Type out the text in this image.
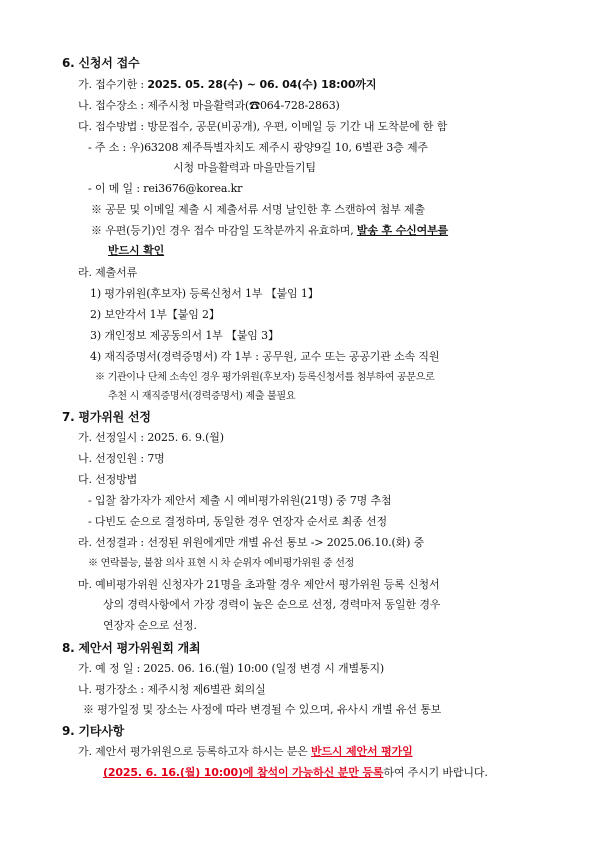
6. 신청서 접수
가. 접수기한 : 2025. 05. 28(수) ~ 06. 04(수) 18:00까지
나. 접수장소 : 제주시청 마을활력과(☎064-728-2863)
다. 접수방법 : 방문접수, 공문(비공개), 우편, 이메일 등 기간 내 도착분에 한 함
- 주 소 : 우)63208 제주특별자치도 제주시 광양9길 10, 6별관 3층 제주
시청 마을활력과 마을만들기팀
- 이 메 일 : rei3676@korea.kr
※ 공문 및 이메일 제출 시 제출서류 서명 날인한 후 스캔하여 첨부 제출
※ 우편(등기)인 경우 접수 마감일 도착분까지 유효하며, 발송 후 수신여부를
반드시 확인
라. 제출서류
1) 평가위원(후보자) 등록신청서 1부 【붙임 1】
2) 보안각서 1부【붙임 2】
3) 개인정보 제공동의서 1부 【붙임 3】
4) 재직증명서(경력증명서) 각 1부 : 공무원, 교수 또는 공공기관 소속 직원
※ 기관이나 단체 소속인 경우 평가위원(후보자) 등록신청서를 첨부하여 공문으로
추천 시 재직증명서(경력증명서) 제출 불필요
7. 평가위원 선정
가. 선정일시 : 2025. 6. 9.(월)
나. 선정인원 : 7명
다. 선정방법
- 입찰 참가자가 제안서 제출 시 예비평가위원(21명) 중 7명 추첨
- 다빈도 순으로 결정하며, 동일한 경우 연장자 순서로 최종 선정
라. 선정결과 : 선정된 위원에게만 개별 유선 통보 -> 2025.06.10.(화) 중
※ 연락불능, 불참 의사 표현 시 차 순위자 예비평가위원 중 선정
마. 예비평가위원 신청자가 21명을 초과할 경우 제안서 평가위원 등록 신청서
상의 경력사항에서 가장 경력이 높은 순으로 선정, 경력마저 동일한 경우
연장자 순으로 선정.
8. 제안서 평가위원회 개최
가. 예 정 일 : 2025. 06. 16.(월) 10:00 (일정 변경 시 개별통지)
나. 평가장소 : 제주시청 제6별관 회의실
※ 평가일정 및 장소는 사정에 따라 변경될 수 있으며, 유사시 개별 유선 통보
9. 기타사항
가. 제안서 평가위원으로 등록하고자 하시는 분은 반드시 제안서 평가일
(2025. 6. 16.(월) 10:00)에 참석이 가능하신 분만 등록하여 주시기 바랍니다.
